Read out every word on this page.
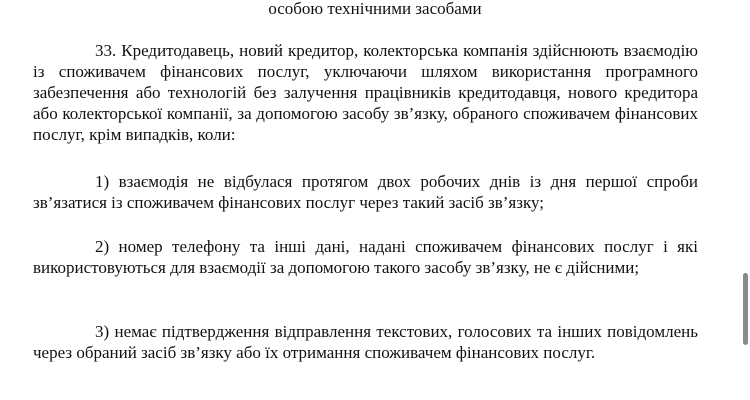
особою технічними засобами

33. Кредитодавець, новий кредитор, колекторська компанія здійснюють взаємодію із споживачем фінансових послуг, уключаючи шляхом використання програмного забезпечення або технологій без залучення працівників кредитодавця, нового кредитора або колекторської компанії, за допомогою засобу зв’язку, обраного споживачем фінансових послуг, крім випадків, коли:

1) взаємодія не відбулася протягом двох робочих днів із дня першої спроби зв’язатися із споживачем фінансових послуг через такий засіб зв’язку;

2) номер телефону та інші дані, надані споживачем фінансових послуг і які використовуються для взаємодії за допомогою такого засобу зв’язку, не є дійсними;

3) немає підтвердження відправлення текстових, голосових та інших повідомлень через обраний засіб зв’язку або їх отримання споживачем фінансових послуг.
